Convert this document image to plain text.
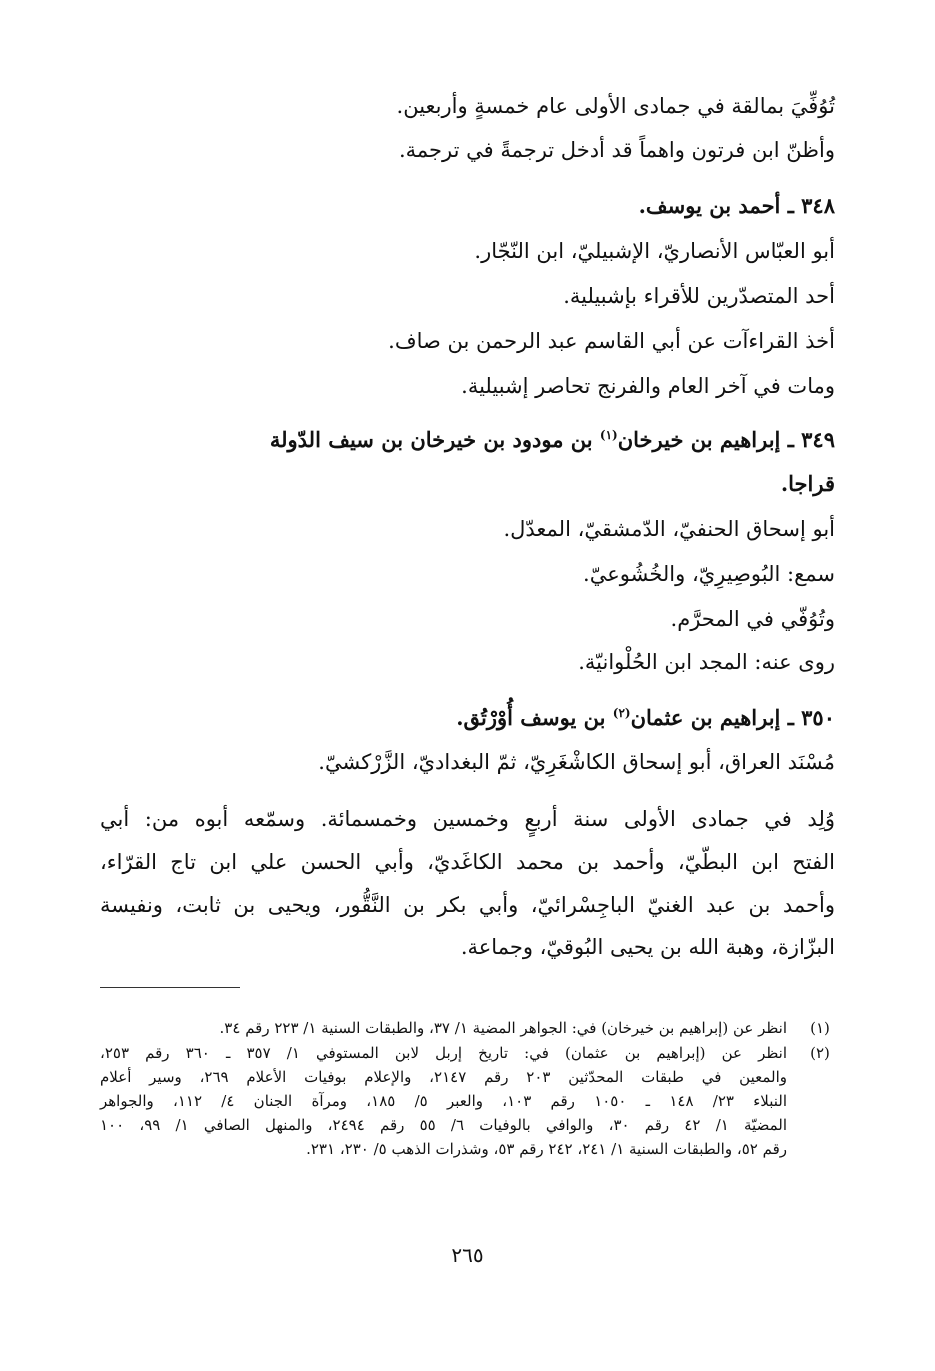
تُوُفِّيَ بمالقة في جمادى الأولى عام خمسةٍ وأربعين.
وأظنّ ابن فرتون واهماً قد أدخل ترجمةً في ترجمة.
٣٤٨ ـ أحمد بن يوسف.
أبو العبّاس الأنصاريّ، الإشبيليّ، ابن النّجّار.
أحد المتصدّرين للأقراء بإشبيلية.
أخذ القراءآت عن أبي القاسم عبد الرحمن بن صاف.
ومات في آخر العام والفرنج تحاصر إشبيلية.
٣٤٩ ـ إبراهيم بن خيرخان$^{(١)}$ بن مودود بن خيرخان بن سيف الدّولة
قراجا.
أبو إسحاق الحنفيّ، الدّمشقيّ، المعدّل.
سمع: البُوصِيرِيّ، والخُشُوعيّ.
وتُوُفّي في المحرَّم.
روى عنه: المجد ابن الحُلْوانيّة.
٣٥٠ ـ إبراهيم بن عثمان$^{(٢)}$ بن يوسف أُوْرْتُق.
مُسْنَد العراق، أبو إسحاق الكاشْغَرِيّ، ثمّ البغداديّ، الزَّرْكشيّ.
وُلِد في جمادى الأولى سنة أربعٍ وخمسين وخمسمائة. وسمّعه أبوه من: أبي
الفتح ابن البطّيّ، وأحمد بن محمد الكاغَديّ، وأبي الحسن علي ابن تاج القرّاء،
وأحمد بن عبد الغنيّ الباجِسْرائيّ، وأبي بكر بن النَّقُّور، ويحيى بن ثابت، ونفيسة
البزّازة، وهبة الله بن يحيى البُوقيّ، وجماعة.
(١)
انظر عن (إبراهيم بن خيرخان) في: الجواهر المضية ١/ ٣٧، والطبقات السنية ١/ ٢٢٣ رقم ٣٤.
(٢)
انظر عن (إبراهيم بن عثمان) في: تاريخ إربل لابن المستوفي ١/ ٣٥٧ ـ ٣٦٠ رقم ٢٥٣،
والمعين في طبقات المحدّثين ٢٠٣ رقم ٢١٤٧، والإعلام بوفيات الأعلام ٢٦٩، وسير أعلام
النبلاء ٢٣/ ١٤٨ ـ ١٠٥٠ رقم ١٠٣، والعبر ٥/ ١٨٥، ومرآة الجنان ٤/ ١١٢، والجواهر
المضيّة ١/ ٤٢ رقم ٣٠، والوافي بالوفيات ٦/ ٥٥ رقم ٢٤٩٤، والمنهل الصافي ١/ ٩٩، ١٠٠
رقم ٥٢، والطبقات السنية ١/ ٢٤١، ٢٤٢ رقم ٥٣، وشذرات الذهب ٥/ ٢٣٠، ٢٣١.
٢٦٥
